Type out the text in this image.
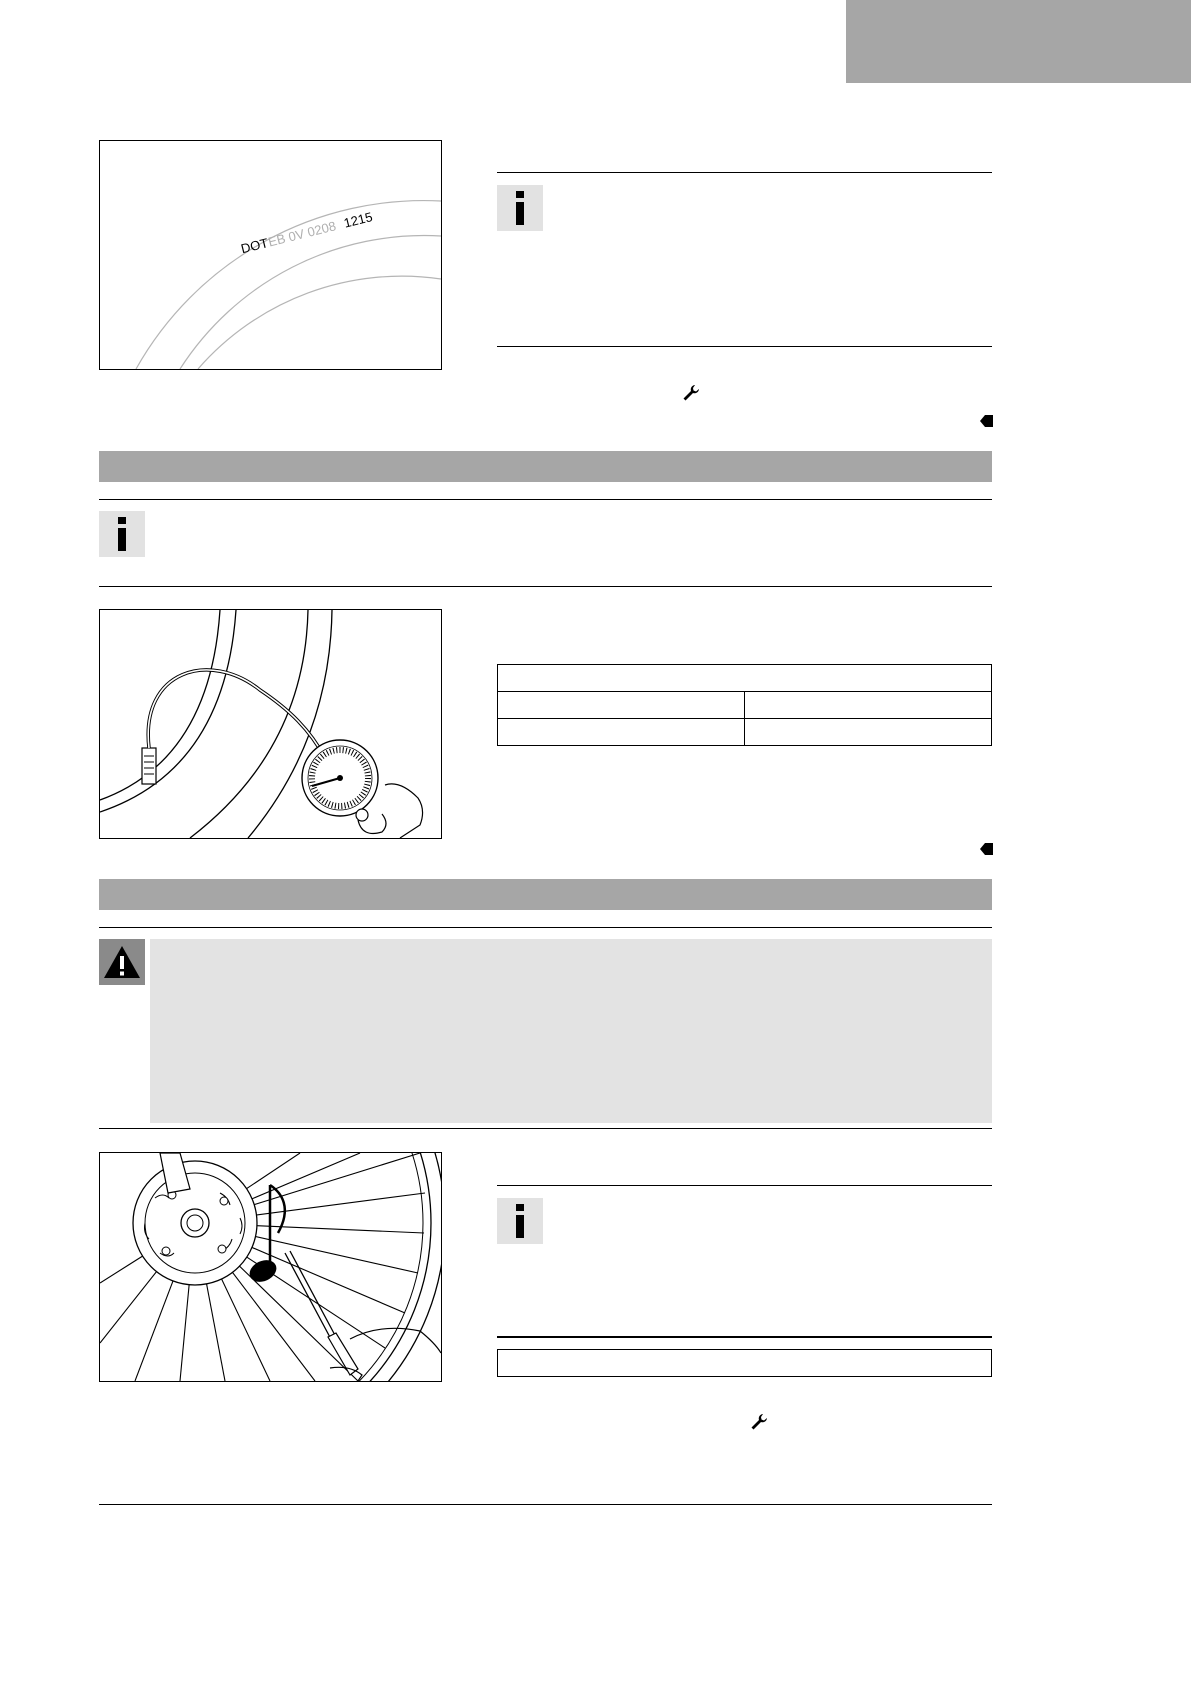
DOT
EB 0V 0208 1215
